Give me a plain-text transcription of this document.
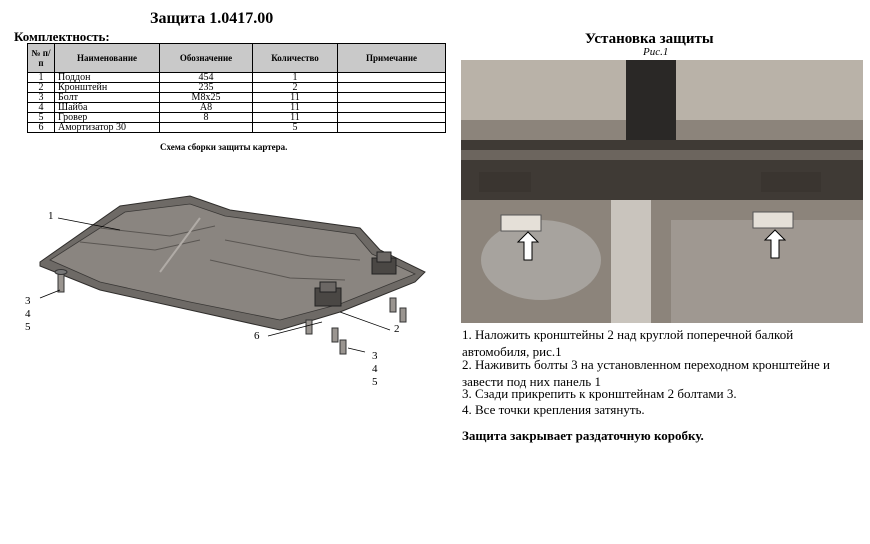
Защита 1.0417.00
Комплектность:
№ п/п	Наименование	Обозначение	Количество	Примечание
1	Поддон	454	1	
2	Кронштейн	235	2	
3	Болт	М8х25	11	
4	Шайба	А8	11	
5	Гровер	8	11	
6	Амортизатор 30		5	
Схема сборки защиты картера.
1
2
6
3
4
5
3
4
5
Установка защиты
Рис.1
1. Наложить кронштейны 2 над круглой поперечной балкой автомобиля, рис.1
2. Наживить болты 3 на установленном переходном кронштейне и завести под них панель 1
3. Сзади прикрепить к кронштейнам 2 болтами 3.
4. Все точки крепления затянуть.
Защита закрывает раздаточную коробку.
